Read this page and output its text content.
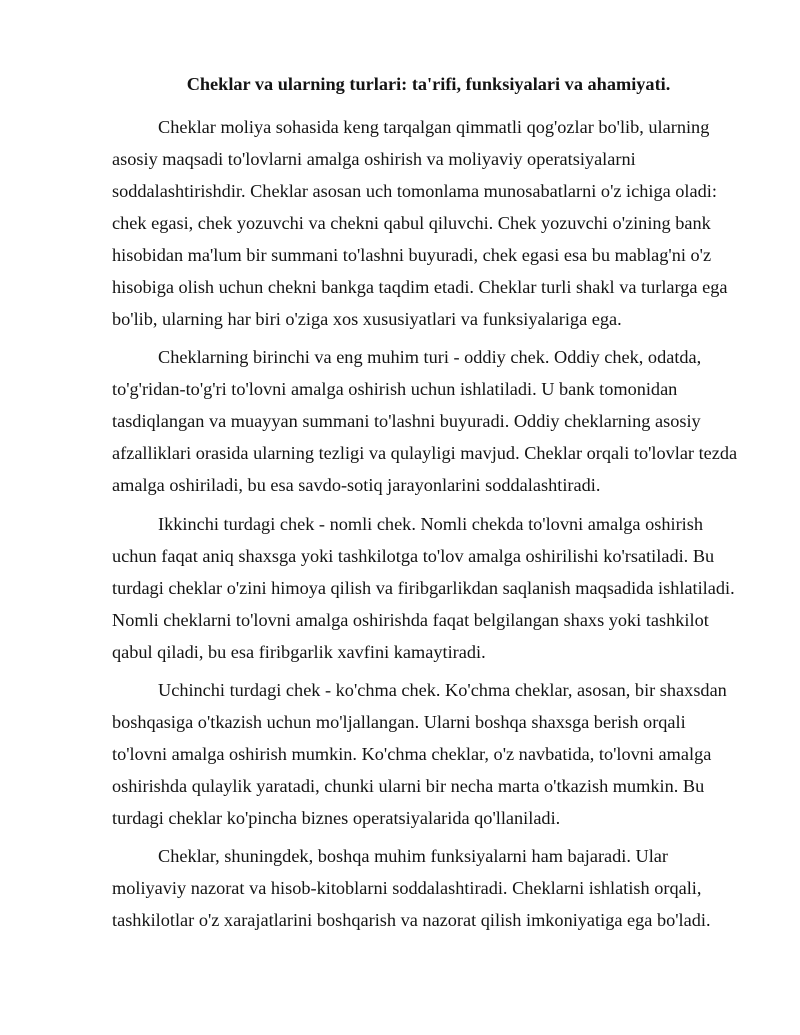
Cheklar va ularning turlari: ta'rifi, funksiyalari va ahamiyati.
Cheklar moliya sohasida keng tarqalgan qimmatli qog'ozlar bo'lib, ularning
asosiy maqsadi to'lovlarni amalga oshirish va moliyaviy operatsiyalarni
soddalashtirishdir. Cheklar asosan uch tomonlama munosabatlarni o'z ichiga oladi:
chek egasi, chek yozuvchi va chekni qabul qiluvchi. Chek yozuvchi o'zining bank
hisobidan ma'lum bir summani to'lashni buyuradi, chek egasi esa bu mablag'ni o'z
hisobiga olish uchun chekni bankga taqdim etadi. Cheklar turli shakl va turlarga ega
bo'lib, ularning har biri o'ziga xos xususiyatlari va funksiyalariga ega.
Cheklarning birinchi va eng muhim turi - oddiy chek. Oddiy chek, odatda,
to'g'ridan-to'g'ri to'lovni amalga oshirish uchun ishlatiladi. U bank tomonidan
tasdiqlangan va muayyan summani to'lashni buyuradi. Oddiy cheklarning asosiy
afzalliklari orasida ularning tezligi va qulayligi mavjud. Cheklar orqali to'lovlar tezda
amalga oshiriladi, bu esa savdo-sotiq jarayonlarini soddalashtiradi.
Ikkinchi turdagi chek - nomli chek. Nomli chekda to'lovni amalga oshirish
uchun faqat aniq shaxsga yoki tashkilotga to'lov amalga oshirilishi ko'rsatiladi. Bu
turdagi cheklar o'zini himoya qilish va firibgarlikdan saqlanish maqsadida ishlatiladi.
Nomli cheklarni to'lovni amalga oshirishda faqat belgilangan shaxs yoki tashkilot
qabul qiladi, bu esa firibgarlik xavfini kamaytiradi.
Uchinchi turdagi chek - ko'chma chek. Ko'chma cheklar, asosan, bir shaxsdan
boshqasiga o'tkazish uchun mo'ljallangan. Ularni boshqa shaxsga berish orqali
to'lovni amalga oshirish mumkin. Ko'chma cheklar, o'z navbatida, to'lovni amalga
oshirishda qulaylik yaratadi, chunki ularni bir necha marta o'tkazish mumkin. Bu
turdagi cheklar ko'pincha biznes operatsiyalarida qo'llaniladi.
Cheklar, shuningdek, boshqa muhim funksiyalarni ham bajaradi. Ular
moliyaviy nazorat va hisob-kitoblarni soddalashtiradi. Cheklarni ishlatish orqali,
tashkilotlar o'z xarajatlarini boshqarish va nazorat qilish imkoniyatiga ega bo'ladi.
